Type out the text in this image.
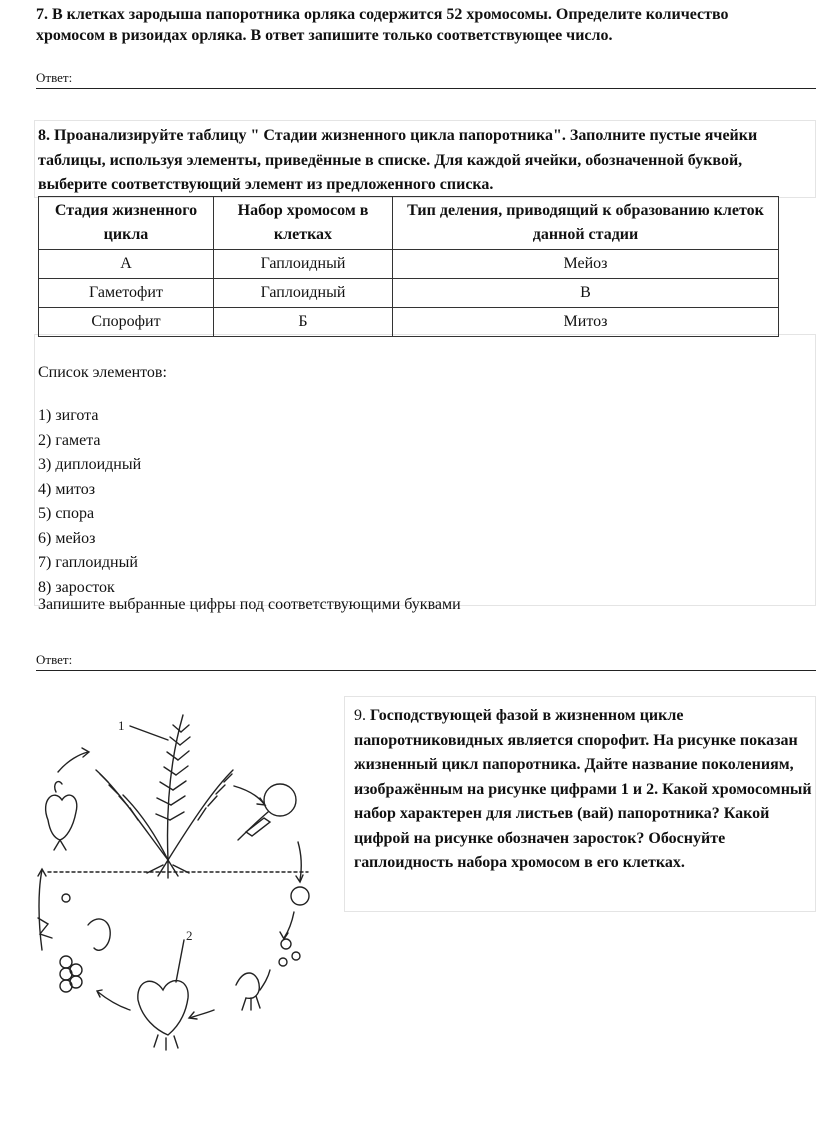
7. В клетках зародыша папоротника орляка содержится 52 хромосомы. Определите количество хромосом в ризоидах орляка. В ответ запишите только соответствующее число.
Ответ:
8. Проанализируйте таблицу " Стадии жизненного цикла папоротника". Заполните пустые ячейки таблицы, используя элементы, приведённые в списке. Для каждой ячейки, обозначенной буквой, выберите соответствующий элемент из предложенного списка.
Стадия жизненного цикла	Набор хромосом в клетках	Тип деления, приводящий к образованию клеток данной стадии
А	Гаплоидный	Мейоз
Гаметофит	Гаплоидный	В
Спорофит	Б	Митоз
Список элементов:
1) зигота
2) гамета
3) диплоидный
4) митоз
5) спора
6) мейоз
7) гаплоидный
8) заросток
Запишите выбранные цифры под соответствующими буквами
Ответ:
9. Господствующей фазой в жизненном цикле папоротниковидных является спорофит. На рисунке показан жизненный цикл папоротника. Дайте название поколениям, изображённым на рисунке цифрами 1 и 2. Какой хромосомный набор характерен для листьев (вай) папоротника? Какой цифрой на рисунке обозначен заросток? Обоснуйте гаплоидность набора хромосом в его клетках.
1
2
